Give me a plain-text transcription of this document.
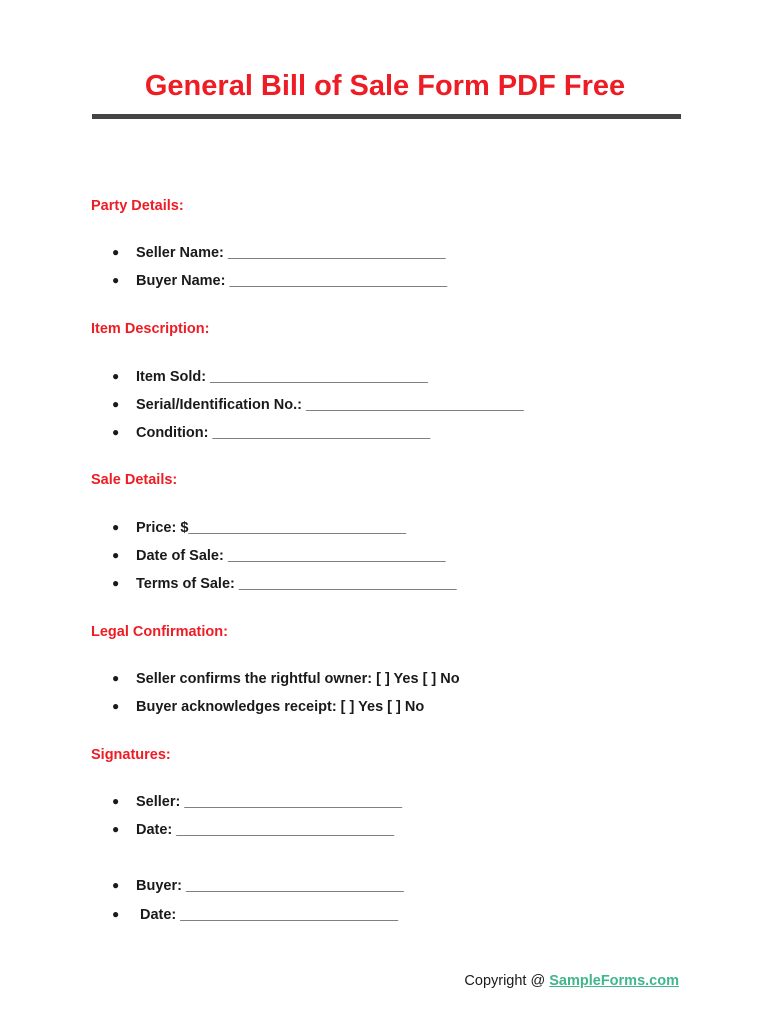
General Bill of Sale Form PDF Free
Party Details:
● Seller Name: ___________________________
● Buyer Name: ___________________________
Item Description:
● Item Sold: ___________________________
● Serial/Identification No.: ___________________________
● Condition: ___________________________
Sale Details:
● Price: $___________________________
● Date of Sale: ___________________________
● Terms of Sale: ___________________________
Legal Confirmation:
● Seller confirms the rightful owner: [ ] Yes [ ] No
● Buyer acknowledges receipt: [ ] Yes [ ] No
Signatures:
● Seller: ___________________________
● Date: ___________________________
● Buyer: ___________________________
● Date: ___________________________
Copyright @ SampleForms.com
